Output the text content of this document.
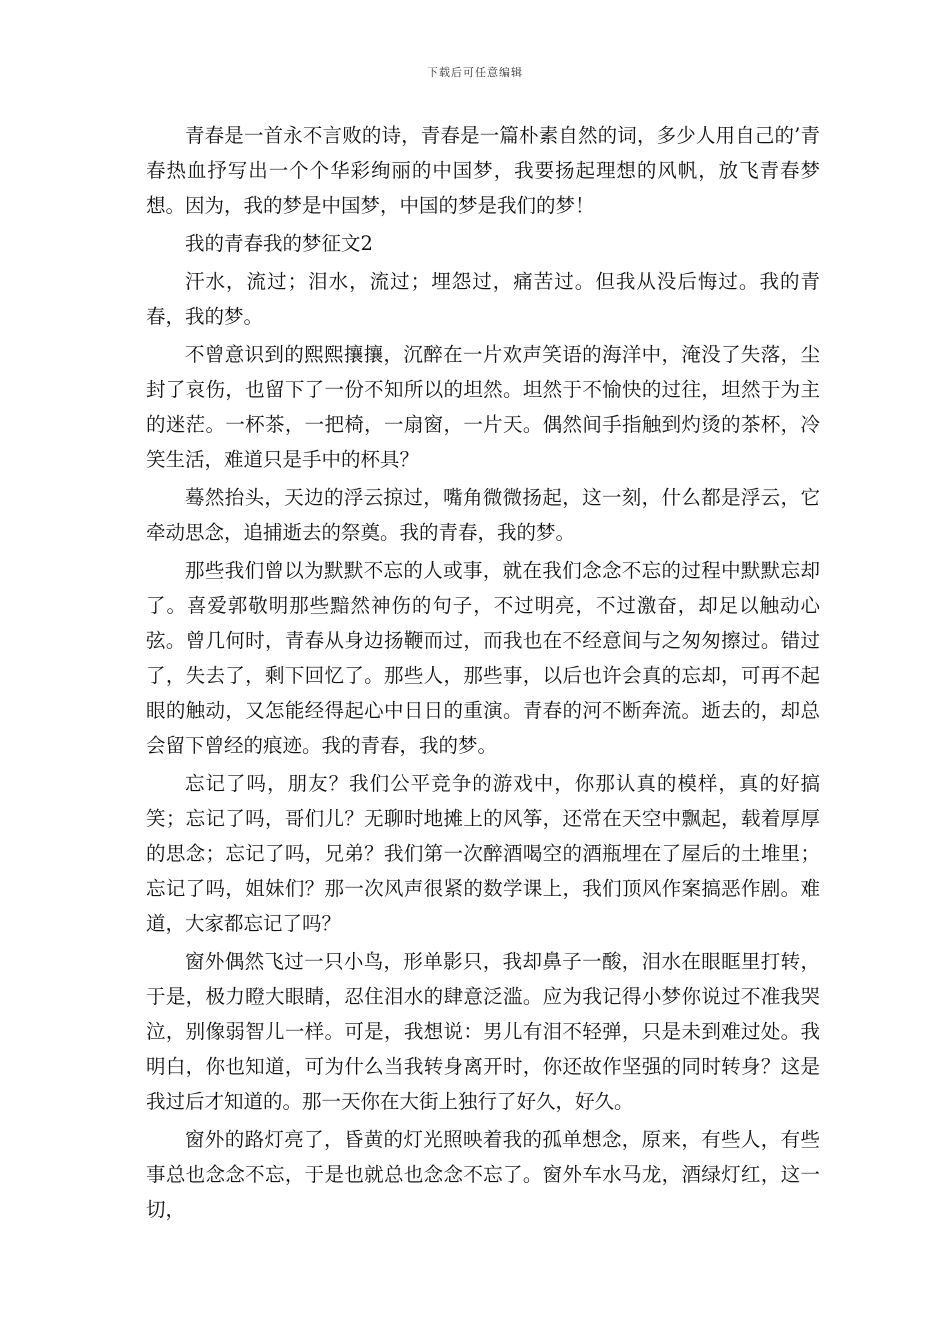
下载后可任意编辑

青春是一首永不言败的诗，青春是一篇朴素自然的词，多少人用自己的’青春热血抒写出一个个华彩绚丽的中国梦，我要扬起理想的风帆，放飞青春梦想。因为，我的梦是中国梦，中国的梦是我们的梦！

我的青春我的梦征文2

汗水，流过；泪水，流过；埋怨过，痛苦过。但我从没后悔过。我的青春，我的梦。

不曾意识到的熙熙攘攘，沉醉在一片欢声笑语的海洋中，淹没了失落，尘封了哀伤，也留下了一份不知所以的坦然。坦然于不愉快的过往，坦然于为主的迷茫。一杯茶，一把椅，一扇窗，一片天。偶然间手指触到灼烫的茶杯，冷笑生活，难道只是手中的杯具？

蓦然抬头，天边的浮云掠过，嘴角微微扬起，这一刻，什么都是浮云，它牵动思念，追捕逝去的祭奠。我的青春，我的梦。

那些我们曾以为默默不忘的人或事，就在我们念念不忘的过程中默默忘却了。喜爱郭敬明那些黯然神伤的句子，不过明亮，不过激奋，却足以触动心弦。曾几何时，青春从身边扬鞭而过，而我也在不经意间与之匆匆擦过。错过了，失去了，剩下回忆了。那些人，那些事，以后也许会真的忘却，可再不起眼的触动，又怎能经得起心中日日的重演。青春的河不断奔流。逝去的，却总会留下曾经的痕迹。我的青春，我的梦。

忘记了吗，朋友？我们公平竞争的游戏中，你那认真的模样，真的好搞笑；忘记了吗，哥们儿？无聊时地摊上的风筝，还常在天空中飘起，载着厚厚的思念；忘记了吗，兄弟？我们第一次醉酒喝空的酒瓶埋在了屋后的土堆里；忘记了吗，姐妹们？那一次风声很紧的数学课上，我们顶风作案搞恶作剧。难道，大家都忘记了吗？

窗外偶然飞过一只小鸟，形单影只，我却鼻子一酸，泪水在眼眶里打转，于是，极力瞪大眼睛，忍住泪水的肆意泛滥。应为我记得小梦你说过不准我哭泣，别像弱智儿一样。可是，我想说：男儿有泪不轻弹，只是未到难过处。我明白，你也知道，可为什么当我转身离开时，你还故作坚强的同时转身？这是我过后才知道的。那一天你在大街上独行了好久，好久。

窗外的路灯亮了，昏黄的灯光照映着我的孤单想念，原来，有些人，有些事总也念念不忘，于是也就总也念念不忘了。窗外车水马龙，酒绿灯红，这一切，
